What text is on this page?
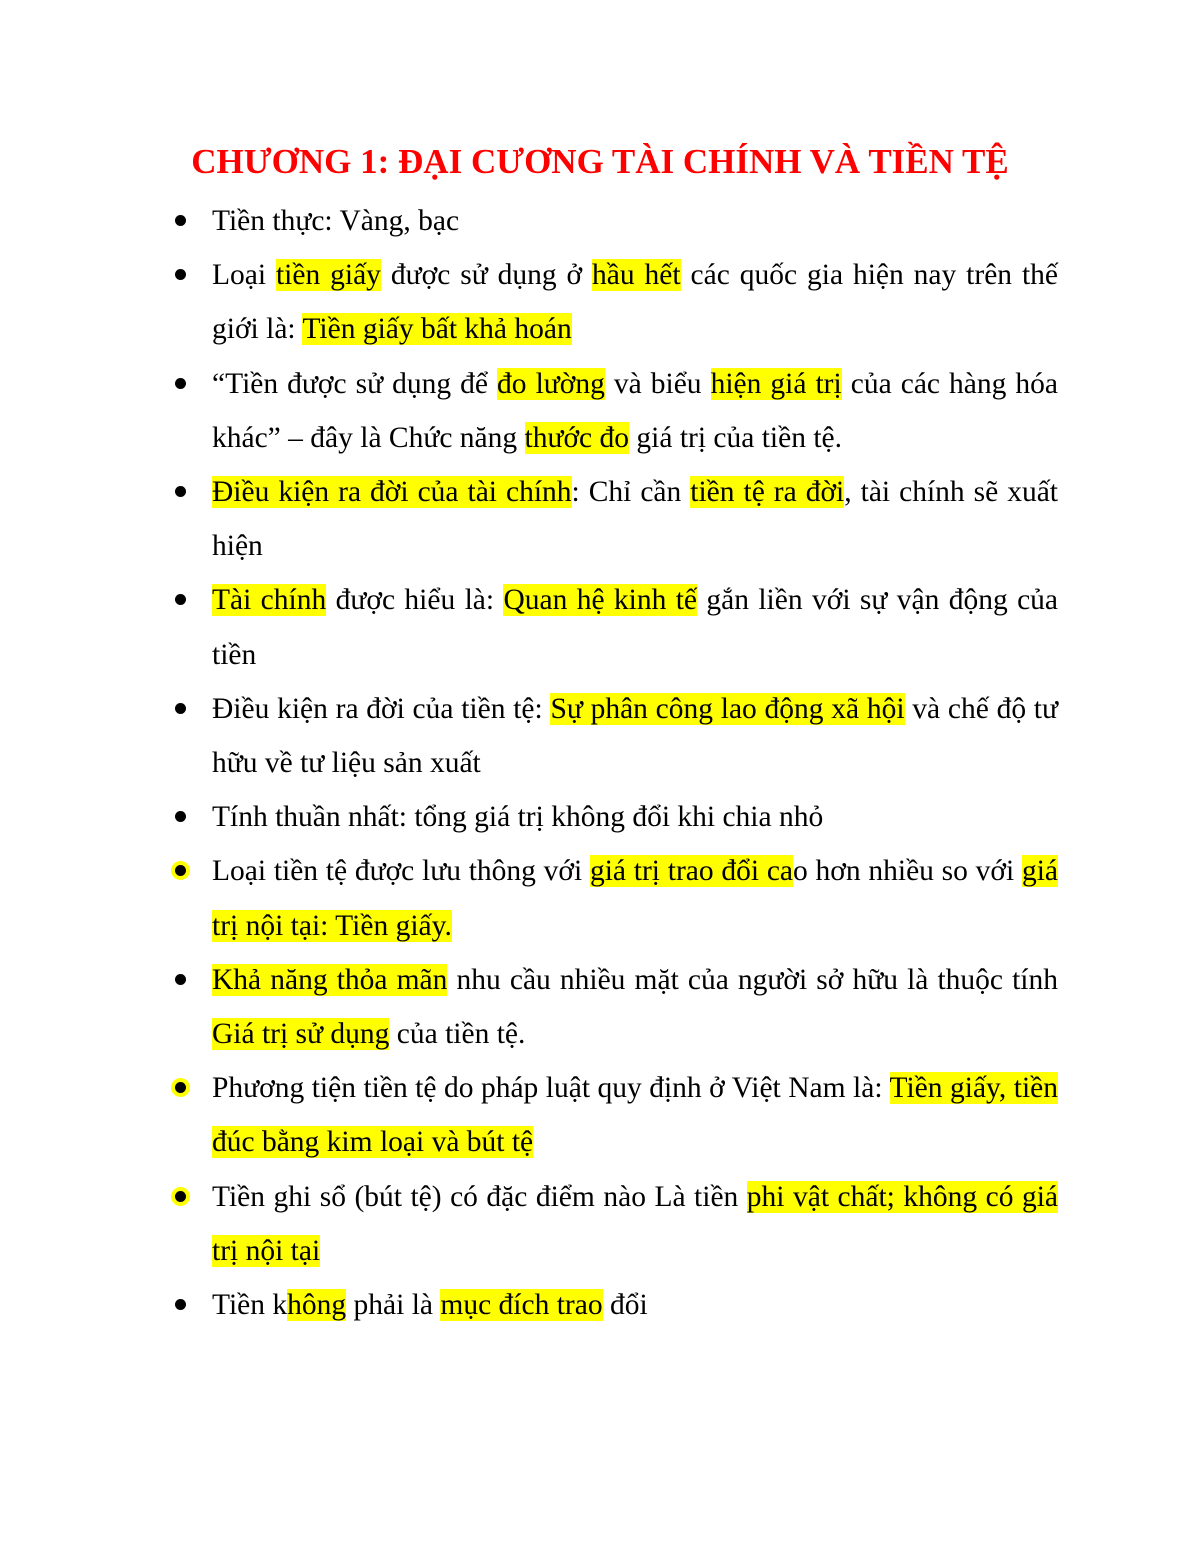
CHƯƠNG 1: ĐẠI CƯƠNG TÀI CHÍNH VÀ TIỀN TỆ
Tiền thực: Vàng, bạc
Loại tiền giấy được sử dụng ở hầu hết các quốc gia hiện nay trên thế giới là: Tiền giấy bất khả hoán
“Tiền được sử dụng để đo lường và biểu hiện giá trị của các hàng hóa khác” – đây là Chức năng thước đo giá trị của tiền tệ.
Điều kiện ra đời của tài chính: Chỉ cần tiền tệ ra đời, tài chính sẽ xuất hiện
Tài chính được hiểu là: Quan hệ kinh tế gắn liền với sự vận động của tiền
Điều kiện ra đời của tiền tệ: Sự phân công lao động xã hội và chế độ tư hữu về tư liệu sản xuất
Tính thuần nhất: tổng giá trị không đổi khi chia nhỏ
Loại tiền tệ được lưu thông với giá trị trao đổi cao hơn nhiều so với giá trị nội tại: Tiền giấy.
Khả năng thỏa mãn nhu cầu nhiều mặt của người sở hữu là thuộc tính Giá trị sử dụng của tiền tệ.
Phương tiện tiền tệ do pháp luật quy định ở Việt Nam là: Tiền giấy, tiền đúc bằng kim loại và bút tệ
Tiền ghi sổ (bút tệ) có đặc điểm nào Là tiền phi vật chất; không có giá trị nội tại
Tiền không phải là mục đích trao đổi
